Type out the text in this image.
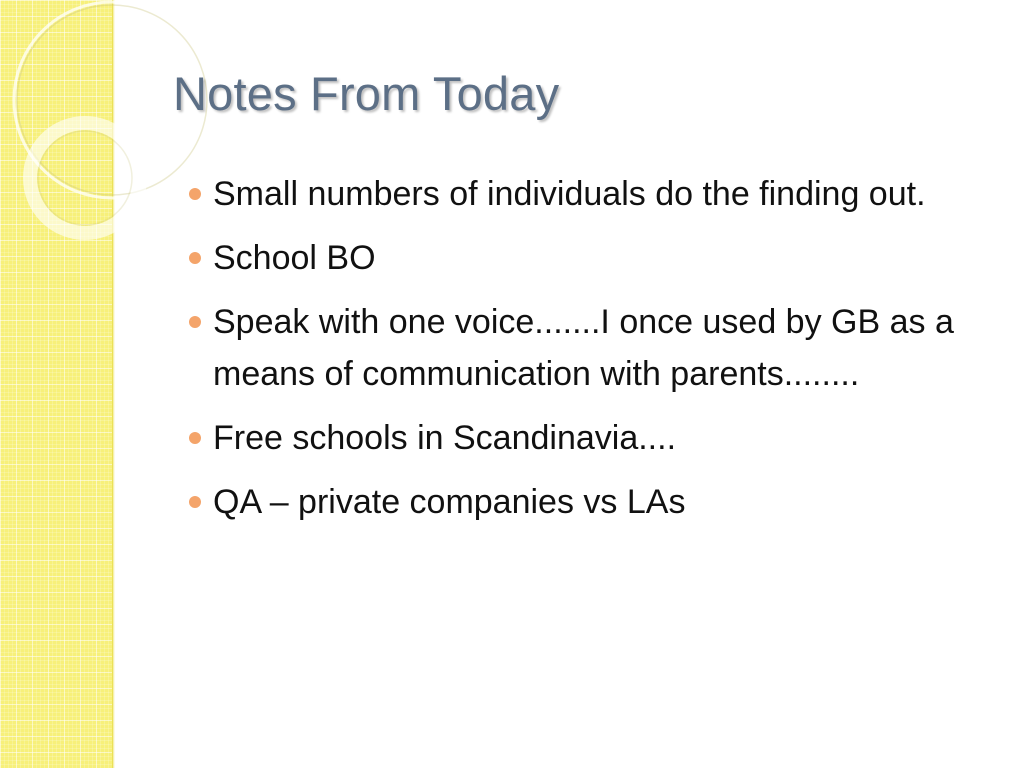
Notes From Today
Small numbers of individuals do the finding out.
School BO
Speak with one voice.......I once used by GB as a means of communication with parents........
Free schools in Scandinavia....
QA – private companies vs LAs
